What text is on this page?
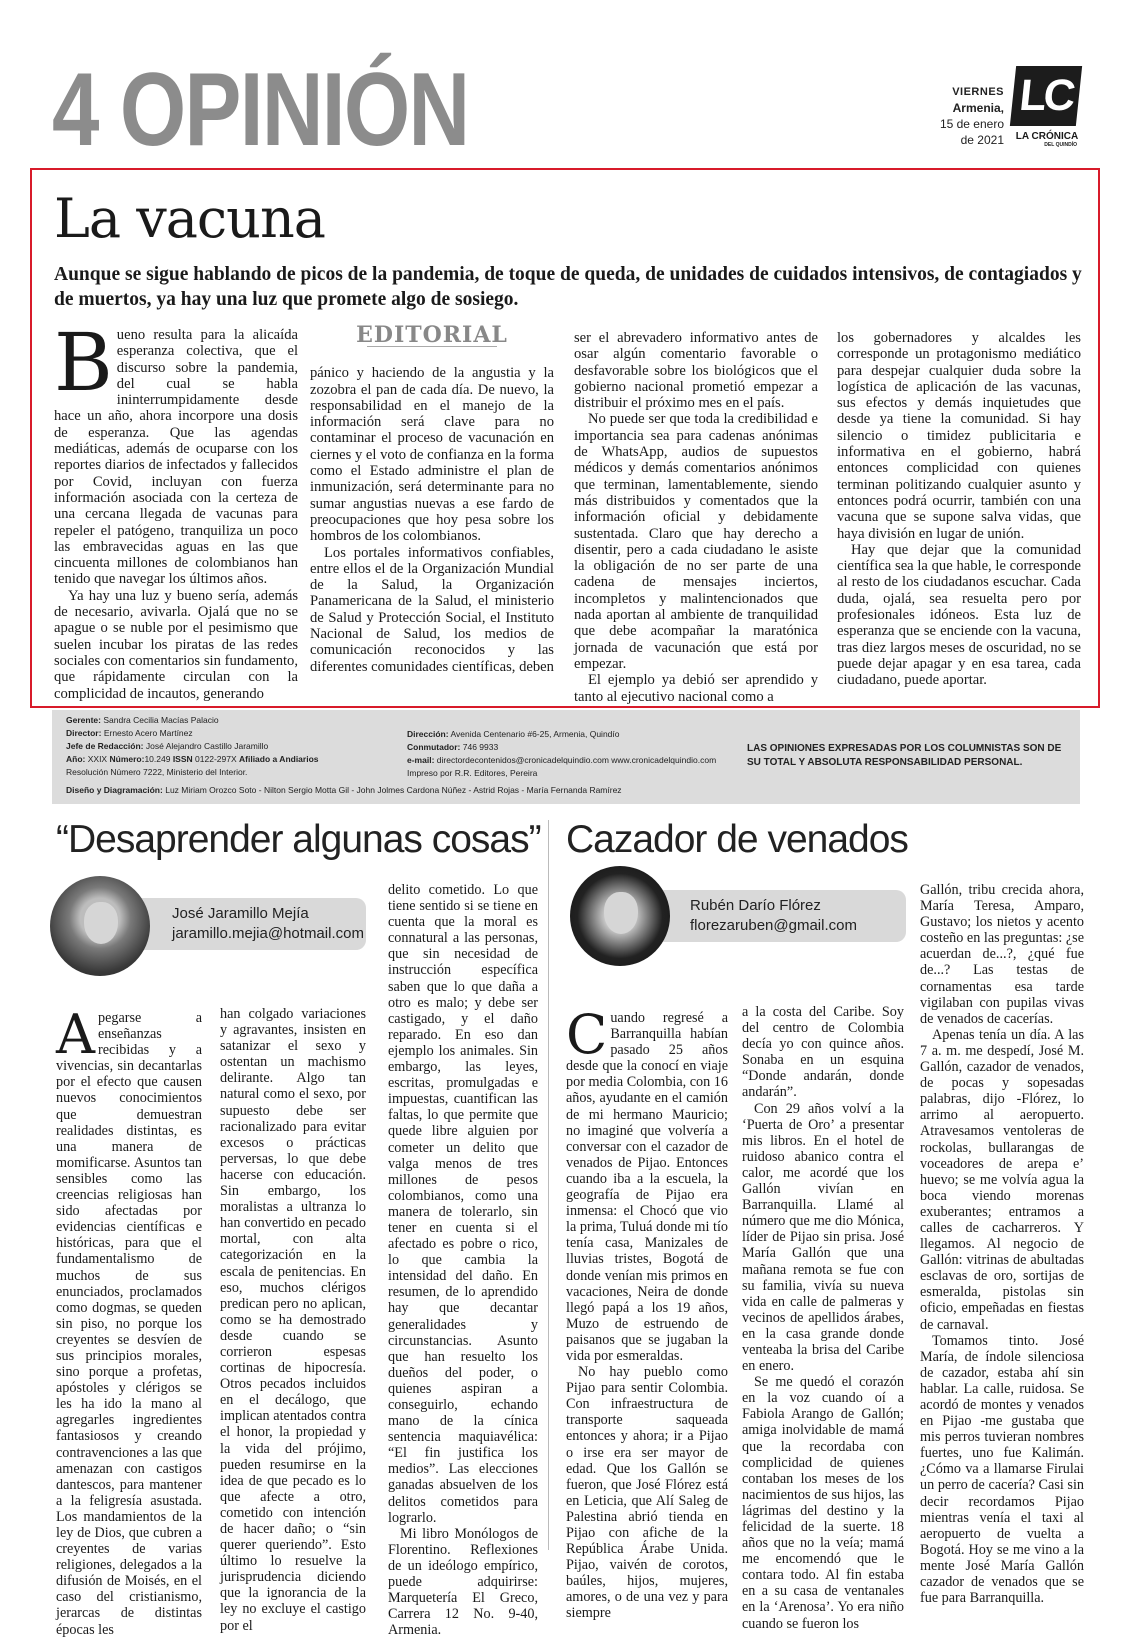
4 OPINIÓN	VIERNES
Armenia,
15 de enero
de 2021
LC
LA CRÓNICA
DEL QUINDÍO
La vacuna
Aunque se sigue hablando de picos de la pandemia, de toque de queda, de unidades de cuidados intensivos, de contagiados y de muertos, ya hay una luz que promete algo de sosiego.

Bueno resulta para la alicaída esperanza colectiva, que el discurso sobre la pandemia, del cual se habla ininterrumpidamente desde hace un año, ahora incorpore una dosis de esperanza. Que las agendas mediáticas, además de ocuparse con los reportes diarios de infectados y fallecidos por Covid, incluyan con fuerza información asociada con la certeza de una cercana llegada de vacunas para repeler el patógeno, tranquiliza un poco las embravecidas aguas en las que cincuenta millones de colombianos han tenido que navegar los últimos años.

Ya hay una luz y bueno sería, además de necesario, avivarla. Ojalá que no se apague o se nuble por el pesimismo que suelen incubar los piratas de las redes sociales con comentarios sin fundamento, que rápidamente circulan con la complicidad de incautos, generando

EDITORIAL

pánico y haciendo de la angustia y la zozobra el pan de cada día. De nuevo, la responsabilidad en el manejo de la información será clave para no contaminar el proceso de vacunación en ciernes y el voto de confianza en la forma como el Estado administre el plan de inmunización, será determinante para no sumar angustias nuevas a ese fardo de preocupaciones que hoy pesa sobre los hombros de los colombianos.

Los portales informativos confiables, entre ellos el de la Organización Mundial de la Salud, la Organización Panamericana de la Salud, el ministerio de Salud y Protección Social, el Instituto Nacional de Salud, los medios de comunicación reconocidos y las diferentes comunidades científicas, deben

ser el abrevadero informativo antes de osar algún comentario favorable o desfavorable sobre los biológicos que el gobierno nacional prometió empezar a distribuir el próximo mes en el país.

No puede ser que toda la credibilidad e importancia sea para cadenas anónimas de WhatsApp, audios de supuestos médicos y demás comentarios anónimos que terminan, lamentablemente, siendo más distribuidos y comentados que la información oficial y debidamente sustentada. Claro que hay derecho a disentir, pero a cada ciudadano le asiste la obligación de no ser parte de una cadena de mensajes inciertos, incompletos y malintencionados que nada aportan al ambiente de tranquilidad que debe acompañar la maratónica jornada de vacunación que está por empezar.

El ejemplo ya debió ser aprendido y tanto al ejecutivo nacional como a

los gobernadores y alcaldes les corresponde un protagonismo mediático para despejar cualquier duda sobre la logística de aplicación de las vacunas, sus efectos y demás inquietudes que desde ya tiene la comunidad. Si hay silencio o timidez publicitaria e informativa en el gobierno, habrá entonces complicidad con quienes terminan politizando cualquier asunto y entonces podrá ocurrir, también con una vacuna que se supone salva vidas, que haya división en lugar de unión.

Hay que dejar que la comunidad científica sea la que hable, le corresponde al resto de los ciudadanos escuchar. Cada duda, ojalá, sea resuelta pero por profesionales idóneos. Esta luz de esperanza que se enciende con la vacuna, tras diez largos meses de oscuridad, no se puede dejar apagar y en esa tarea, cada ciudadano, puede aportar.

Gerente: Sandra Cecilia Macías Palacio
Director: Ernesto Acero Martínez
Jefe de Redacción: José Alejandro Castillo Jaramillo
Año: XXIX Número:10.249 ISSN 0122-297X Afiliado a Andiarios
Resolución Número 7222, Ministerio del Interior.
Dirección: Avenida Centenario #6-25, Armenia, Quindío
Conmutador: 746 9933
e-mail: directordecontenidos@cronicadelquindio.com www.cronicadelquindio.com
Impreso por R.R. Editores, Pereira
LAS OPINIONES EXPRESADAS POR LOS COLUMNISTAS SON DE SU TOTAL Y ABSOLUTA RESPONSABILIDAD PERSONAL.
Diseño y Diagramación: Luz Miriam Orozco Soto - Nilton Sergio Motta Gil - John Jolmes Cardona Núñez - Astrid Rojas - María Fernanda Ramírez
“Desaprender algunas cosas”
José Jaramillo Mejía
jaramillo.mejia@hotmail.com

Apegarse a enseñanzas recibidas y a vivencias, sin decantarlas por el efecto que causen nuevos conocimientos que demuestran realidades distintas, es una manera de momificarse. Asuntos tan sensibles como las creencias religiosas han sido afectadas por evidencias científicas e históricas, para que el fundamentalismo de muchos de sus enunciados, proclamados como dogmas, se queden sin piso, no porque los creyentes se desvíen de sus principios morales, sino porque a profetas, apóstoles y clérigos se les ha ido la mano al agregarles ingredientes fantasiosos y creando contravenciones a las que amenazan con castigos dantescos, para mantener a la feligresía asustada. Los mandamientos de la ley de Dios, que cubren a creyentes de varias religiones, delegados a la difusión de Moisés, en el caso del cristianismo, jerarcas de distintas épocas les

han colgado variaciones y agravantes, insisten en satanizar el sexo y ostentan un machismo delirante. Algo tan natural como el sexo, por supuesto debe ser racionalizado para evitar excesos o prácticas perversas, lo que debe hacerse con educación. Sin embargo, los moralistas a ultranza lo han convertido en pecado mortal, con alta categorización en la escala de penitencias. En eso, muchos clérigos predican pero no aplican, como se ha demostrado desde cuando se corrieron espesas cortinas de hipocresía. Otros pecados incluidos en el decálogo, que implican atentados contra el honor, la propiedad y la vida del prójimo, pueden resumirse en la idea de que pecado es lo que afecte a otro, cometido con intención de hacer daño; o “sin querer queriendo”. Esto último lo resuelve la jurisprudencia diciendo que la ignorancia de la ley no excluye el castigo por el

delito cometido. Lo que tiene sentido si se tiene en cuenta que la moral es connatural a las personas, que sin necesidad de instrucción específica saben que lo que daña a otro es malo; y debe ser castigado, y el daño reparado. En eso dan ejemplo los animales. Sin embargo, las leyes, escritas, promulgadas e impuestas, cuantifican las faltas, lo que permite que quede libre alguien por cometer un delito que valga menos de tres millones de pesos colombianos, como una manera de tolerarlo, sin tener en cuenta si el afectado es pobre o rico, lo que cambia la intensidad del daño. En resumen, de lo aprendido hay que decantar generalidades y circunstancias. Asunto que han resuelto los dueños del poder, o quienes aspiran a conseguirlo, echando mano de la cínica sentencia maquiavélica: “El fin justifica los medios”. Las elecciones ganadas absuelven de los delitos cometidos para lograrlo.

Mi libro Monólogos de Florentino. Reflexiones de un ideólogo empírico, puede adquirirse: Marquetería El Greco, Carrera 12 No. 9-40, Armenia.

Cazador de venados
Rubén Darío Flórez
florezaruben@gmail.com

Cuando regresé a Barranquilla habían pasado 25 años desde que la conocí en viaje por media Colombia, con 16 años, ayudante en el camión de mi hermano Mauricio; no imaginé que volvería a conversar con el cazador de venados de Pijao. Entonces cuando iba a la escuela, la geografía de Pijao era inmensa: el Chocó que vio la prima, Tuluá donde mi tío tenía casa, Manizales de lluvias tristes, Bogotá de donde venían mis primos en vacaciones, Neira de donde llegó papá a los 19 años, Muzo de estruendo de paisanos que se jugaban la vida por esmeraldas.

No hay pueblo como Pijao para sentir Colombia. Con infraestructura de transporte saqueada entonces y ahora; ir a Pijao o irse era ser mayor de edad. Que los Gallón se fueron, que José Flórez está en Leticia, que Alí Saleg de Palestina abrió tienda en Pijao con afiche de la República Árabe Unida. Pijao, vaivén de corotos, baúles, hijos, mujeres, amores, o de una vez y para siempre

a la costa del Caribe. Soy del centro de Colombia decía yo con quince años. Sonaba en un esquina “Donde andarán, donde andarán”.

Con 29 años volví a la ‘Puerta de Oro’ a presentar mis libros. En el hotel de ruidoso abanico contra el calor, me acordé que los Gallón vivían en Barranquilla. Llamé al número que me dio Mónica, líder de Pijao sin prisa. José María Gallón que una mañana remota se fue con su familia, vivía su nueva vida en calle de palmeras y vecinos de apellidos árabes, en la casa grande donde venteaba la brisa del Caribe en enero.

Se me quedó el corazón en la voz cuando oí a Fabiola Arango de Gallón; amiga inolvidable de mamá que la recordaba con complicidad de quienes contaban los meses de los nacimientos de sus hijos, las lágrimas del destino y la felicidad de la suerte. 18 años que no la veía; mamá me encomendó que le contara todo. Al fin estaba en a su casa de ventanales en la ‘Arenosa’. Yo era niño cuando se fueron los

Gallón, tribu crecida ahora, María Teresa, Amparo, Gustavo; los nietos y acento costeño en las preguntas: ¿se acuerdan de...?, ¿qué fue de...? Las testas de cornamentas esa tarde vigilaban con pupilas vivas de venados de cacerías.

Apenas tenía un día. A las 7 a. m. me despedí, José M. Gallón, cazador de venados, de pocas y sopesadas palabras, dijo -Flórez, lo arrimo al aeropuerto. Atravesamos ventoleras de rockolas, bullarangas de voceadores de arepa e’ huevo; se me volvía agua la boca viendo morenas exuberantes; entramos a calles de cacharreros. Y llegamos. Al negocio de Gallón: vitrinas de abultadas esclavas de oro, sortijas de esmeralda, pistolas sin oficio, empeñadas en fiestas de carnaval.

Tomamos tinto. José María, de índole silenciosa de cazador, estaba ahí sin hablar. La calle, ruidosa. Se acordó de montes y venados en Pijao -me gustaba que mis perros tuvieran nombres fuertes, uno fue Kalimán. ¿Cómo va a llamarse Firulai un perro de cacería? Casi sin decir recordamos Pijao mientras venía el taxi al aeropuerto de vuelta a Bogotá. Hoy se me vino a la mente José María Gallón cazador de venados que se fue para Barranquilla.
